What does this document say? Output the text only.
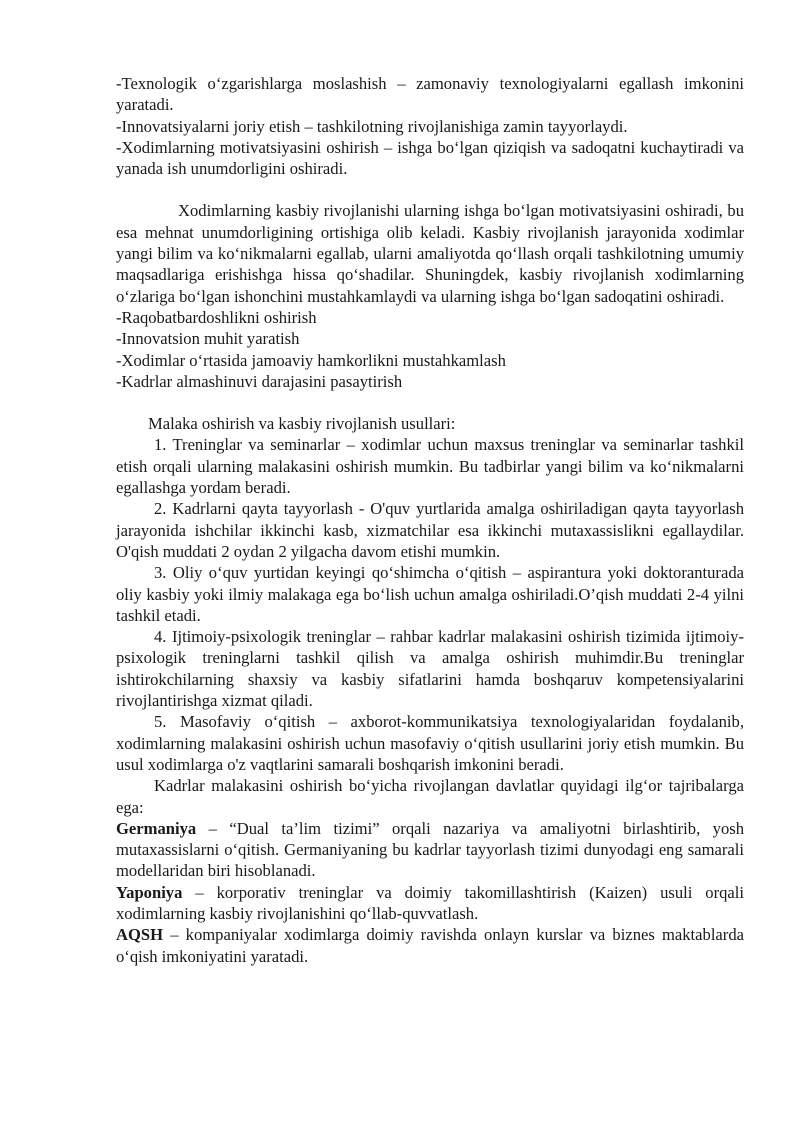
-Texnologik o‘zgarishlarga moslashish – zamonaviy texnologiyalarni egallash imkonini yaratadi.

-Innovatsiyalarni joriy etish – tashkilotning rivojlanishiga zamin tayyorlaydi.

-Xodimlarning motivatsiyasini oshirish – ishga bo‘lgan qiziqish va sadoqatni kuchaytiradi va yanada ish unumdorligini oshiradi.

Xodimlarning kasbiy rivojlanishi ularning ishga bo‘lgan motivatsiyasini oshiradi, bu esa mehnat unumdorligining ortishiga olib keladi. Kasbiy rivojlanish jarayonida xodimlar yangi bilim va ko‘nikmalarni egallab, ularni amaliyotda qo‘llash orqali tashkilotning umumiy maqsadlariga erishishga hissa qo‘shadilar. Shuningdek, kasbiy rivojlanish xodimlarning o‘zlariga bo‘lgan ishonchini mustahkamlaydi va ularning ishga bo‘lgan sadoqatini oshiradi.

-Raqobatbardoshlikni oshirish

-Innovatsion muhit yaratish

-Xodimlar o‘rtasida jamoaviy hamkorlikni mustahkamlash

-Kadrlar almashinuvi darajasini pasaytirish

Malaka oshirish va kasbiy rivojlanish usullari:

1. Treninglar va seminarlar – xodimlar uchun maxsus treninglar va seminarlar tashkil etish orqali ularning malakasini oshirish mumkin. Bu tadbirlar yangi bilim va ko‘nikmalarni egallashga yordam beradi.

2. Kadrlarni qayta tayyorlash - O'quv yurtlarida amalga oshiriladigan qayta tayyorlash jarayonida ishchilar ikkinchi kasb, xizmatchilar esa ikkinchi mutaxassislikni egallaydilar. O'qish muddati 2 oydan 2 yilgacha davom etishi mumkin.

3. Oliy o‘quv yurtidan keyingi qo‘shimcha o‘qitish – aspirantura yoki doktoranturada oliy kasbiy yoki ilmiy malakaga ega bo‘lish uchun amalga oshiriladi.O’qish muddati 2-4 yilni tashkil etadi.

4. Ijtimoiy-psixologik treninglar – rahbar kadrlar malakasini oshirish tizimida ijtimoiy-psixologik treninglarni tashkil qilish va amalga oshirish muhimdir.Bu treninglar ishtirokchilarning shaxsiy va kasbiy sifatlarini hamda boshqaruv kompetensiyalarini rivojlantirishga xizmat qiladi.

5. Masofaviy o‘qitish – axborot-kommunikatsiya texnologiyalaridan foydalanib, xodimlarning malakasini oshirish uchun masofaviy o‘qitish usullarini joriy etish mumkin. Bu usul xodimlarga o'z vaqtlarini samarali boshqarish imkonini beradi.

Kadrlar malakasini oshirish bo‘yicha rivojlangan davlatlar quyidagi ilg‘or tajribalarga ega:

Germaniya – “Dual ta’lim tizimi” orqali nazariya va amaliyotni birlashtirib, yosh mutaxassislarni o‘qitish. Germaniyaning bu kadrlar tayyorlash tizimi dunyodagi eng samarali modellaridan biri hisoblanadi.

Yaponiya – korporativ treninglar va doimiy takomillashtirish (Kaizen) usuli orqali xodimlarning kasbiy rivojlanishini qo‘llab-quvvatlash.

AQSH – kompaniyalar xodimlarga doimiy ravishda onlayn kurslar va biznes maktablarda o‘qish imkoniyatini yaratadi.
